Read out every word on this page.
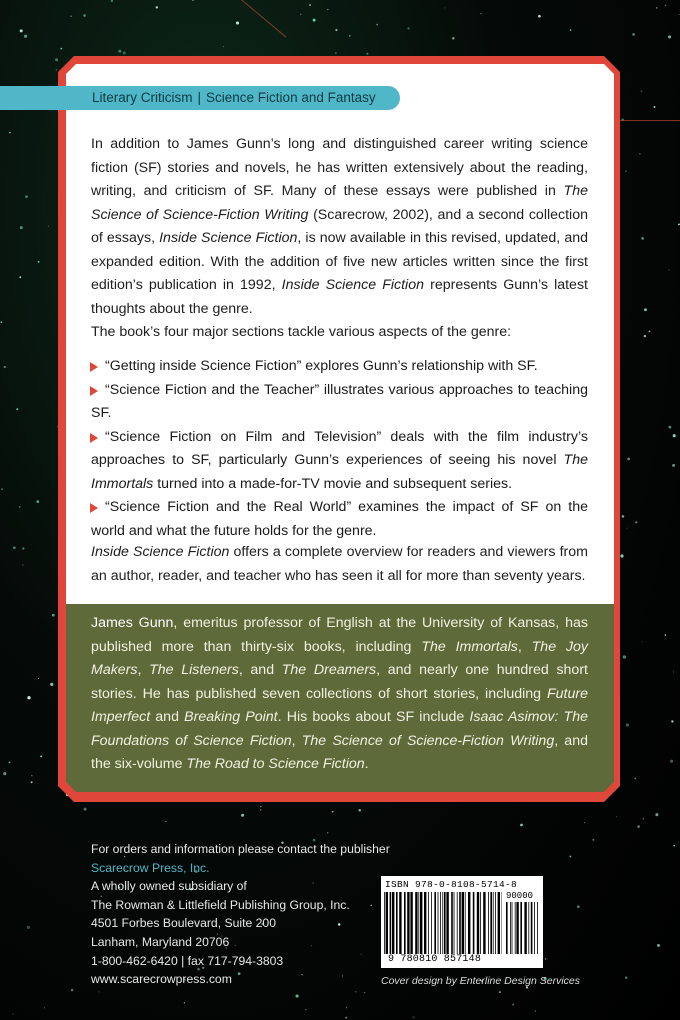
Literary Criticism | Science Fiction and Fantasy

In addition to James Gunn’s long and distinguished career writing science fiction (SF) stories and novels, he has written extensively about the reading, writing, and criticism of SF. Many of these essays were published in The Science of Science-Fiction Writing (Scarecrow, 2002), and a second collection of essays, Inside Science Fiction, is now available in this revised, updated, and expanded edition. With the addition of five new articles written since the first edition’s publication in 1992, Inside Science Fiction represents Gunn’s latest thoughts about the genre.

The book’s four major sections tackle various aspects of the genre:

“Getting inside Science Fiction” explores Gunn’s relationship with SF.
“Science Fiction and the Teacher” illustrates various approaches to teaching SF.
“Science Fiction on Film and Television” deals with the film industry’s approaches to SF, particularly Gunn’s experiences of seeing his novel The Immortals turned into a made-for-TV movie and subsequent series.
“Science Fiction and the Real World” examines the impact of SF on the world and what the future holds for the genre.

Inside Science Fiction offers a complete overview for readers and viewers from an author, reader, and teacher who has seen it all for more than seventy years.

James Gunn, emeritus professor of English at the University of Kansas, has published more than thirty-six books, including The Immortals, The Joy Makers, The Listeners, and The Dreamers, and nearly one hundred short stories. He has published seven collections of short stories, including Future Imperfect and Breaking Point. His books about SF include Isaac Asimov: The Foundations of Science Fiction, The Science of Science-Fiction Writing, and the six-volume The Road to Science Fiction.

For orders and information please contact the publisher
Scarecrow Press, Inc.
A wholly owned subsidiary of
The Rowman & Littlefield Publishing Group, Inc.
4501 Forbes Boulevard, Suite 200
Lanham, Maryland 20706
1-800-462-6420 | fax 717-794-3803
www.scarecrowpress.com
ISBN 978-0-8108-5714-8
90000
9 780810 857148
Cover design by Enterline Design Services
